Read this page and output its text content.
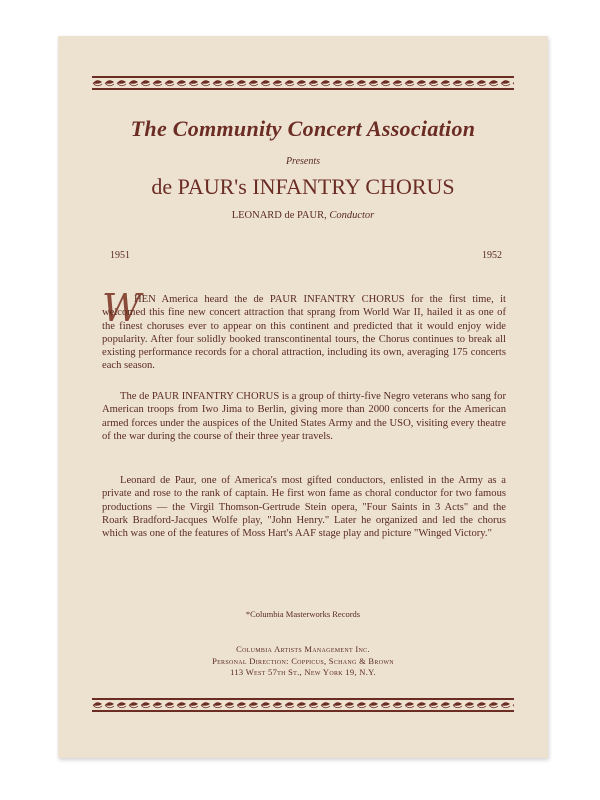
The Community Concert Association
Presents
de PAUR's INFANTRY CHORUS
LEONARD de PAUR, Conductor
1951	1952
W

HEN America heard the de PAUR INFANTRY CHORUS for the first time, it welcomed this fine new concert attraction that sprang from World War II, hailed it as one of the finest choruses ever to appear on this continent and predicted that it would enjoy wide popularity. After four solidly booked transcontinental tours, the Chorus continues to break all existing performance records for a choral attraction, including its own, averaging 175 concerts each season.

The de PAUR INFANTRY CHORUS is a group of thirty-five Negro veterans who sang for American troops from Iwo Jima to Berlin, giving more than 2000 concerts for the American armed forces under the auspices of the United States Army and the USO, visiting every theatre of the war during the course of their three year travels.

Leonard de Paur, one of America's most gifted conductors, enlisted in the Army as a private and rose to the rank of captain. He first won fame as choral conductor for two famous productions — the Virgil Thomson-Gertrude Stein opera, "Four Saints in 3 Acts" and the Roark Bradford-Jacques Wolfe play, "John Henry." Later he organized and led the chorus which was one of the features of Moss Hart's AAF stage play and picture "Winged Victory."

*Columbia Masterworks Records
Columbia Artists Management Inc.
Personal Direction: Coppicus, Schang & Brown
113 West 57th St., New York 19, N.Y.
